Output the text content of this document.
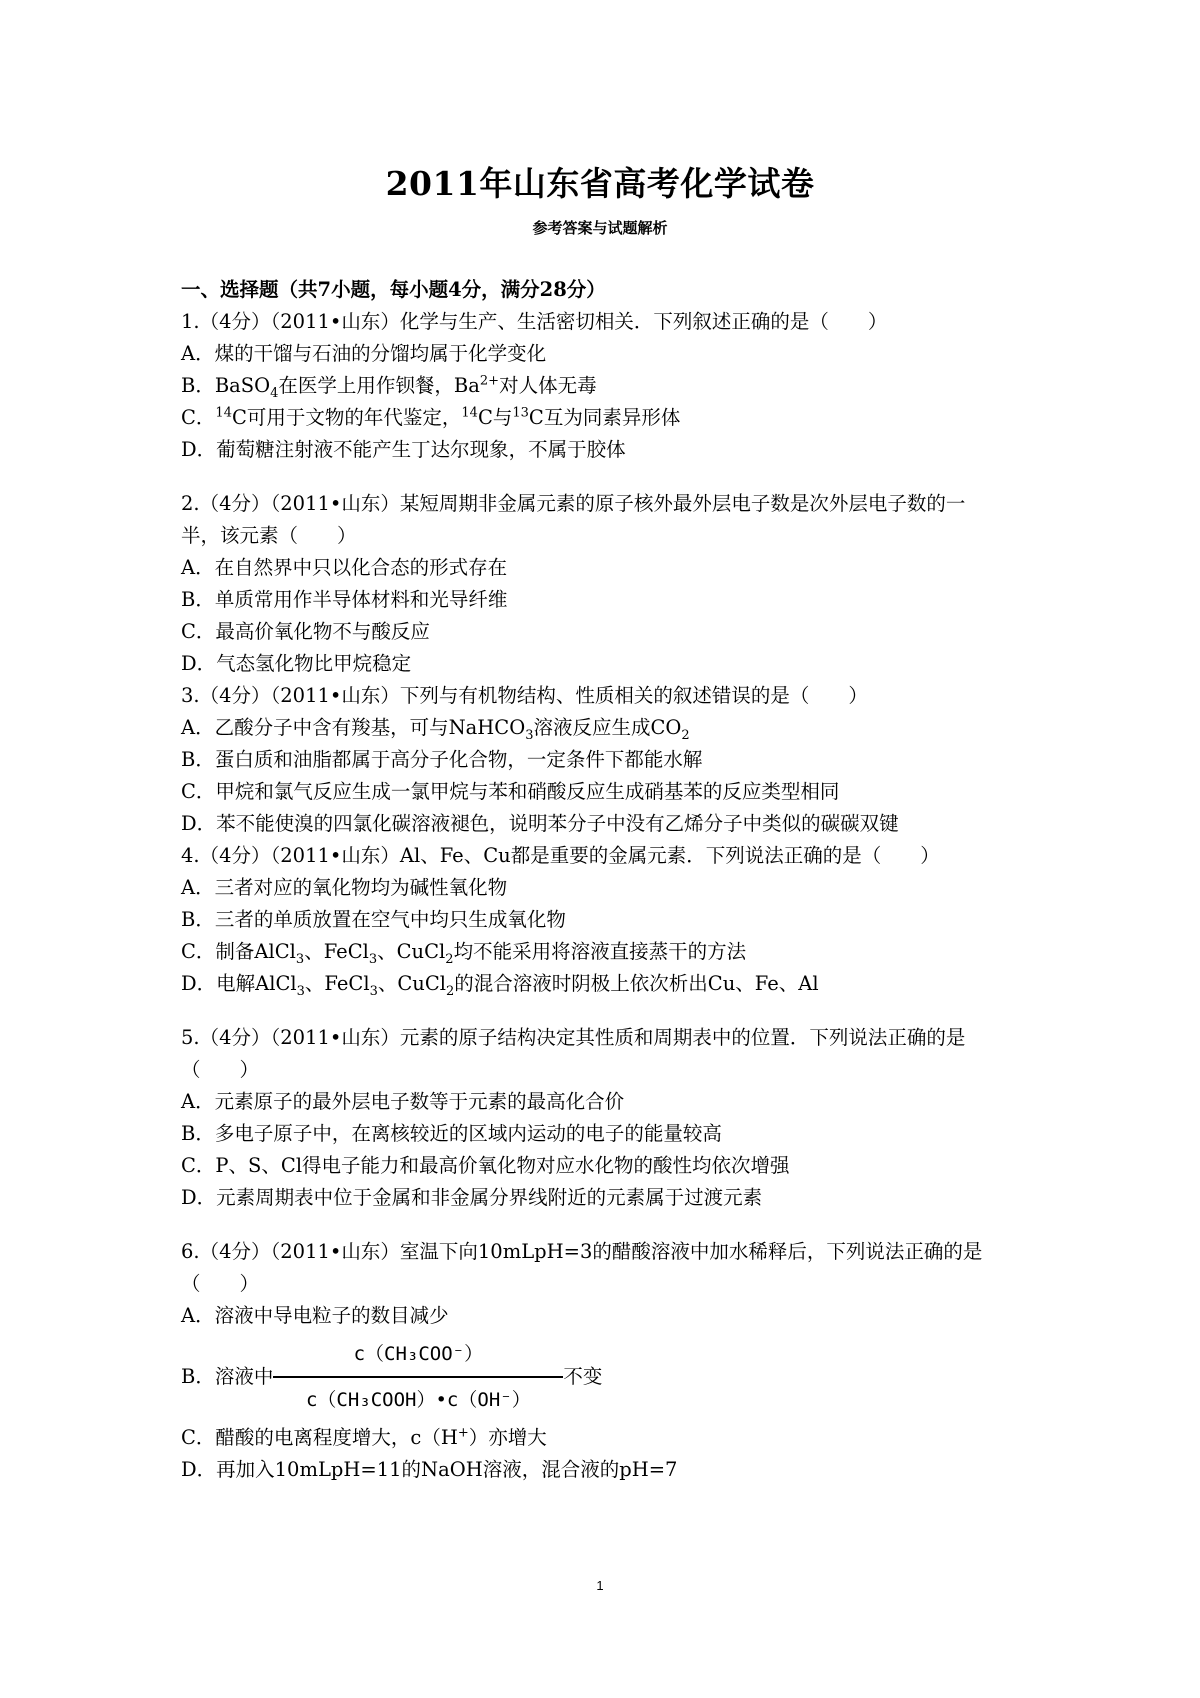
2011年山东省高考化学试卷
参考答案与试题解析
一、选择题（共7小题，每小题4分，满分28分）
1.（4分）（2011•山东）化学与生产、生活密切相关．下列叙述正确的是（　　）
A．煤的干馏与石油的分馏均属于化学变化
B．BaSO$_4$在医学上用作钡餐，$Ba^{2+}$对人体无毒
C．$^{14}$C可用于文物的年代鉴定，$^{14}$C与$^{13}$C互为同素异形体
D．葡萄糖注射液不能产生丁达尔现象，不属于胶体
2.（4分）（2011•山东）某短周期非金属元素的原子核外最外层电子数是次外层电子数的一
半，该元素（　　）
A．在自然界中只以化合态的形式存在
B．单质常用作半导体材料和光导纤维
C．最高价氧化物不与酸反应
D．气态氢化物比甲烷稳定
3.（4分）（2011•山东）下列与有机物结构、性质相关的叙述错误的是（　　）
A．乙酸分子中含有羧基，可与NaHCO$_3$溶液反应生成$CO_2$
B．蛋白质和油脂都属于高分子化合物，一定条件下都能水解
C．甲烷和氯气反应生成一氯甲烷与苯和硝酸反应生成硝基苯的反应类型相同
D．苯不能使溴的四氯化碳溶液褪色，说明苯分子中没有乙烯分子中类似的碳碳双键
4.（4分）（2011•山东）Al、Fe、Cu都是重要的金属元素．下列说法正确的是（　　）
A．三者对应的氧化物均为碱性氧化物
B．三者的单质放置在空气中均只生成氧化物
C．制备AlCl$_3$、FeCl$_3$、CuCl$_2$均不能采用将溶液直接蒸干的方法
D．电解AlCl$_3$、FeCl$_3$、CuCl$_2$的混合溶液时阴极上依次析出Cu、Fe、Al
5.（4分）（2011•山东）元素的原子结构决定其性质和周期表中的位置．下列说法正确的是
（　　）
A．元素原子的最外层电子数等于元素的最高化合价
B．多电子原子中，在离核较近的区域内运动的电子的能量较高
C．P、S、Cl得电子能力和最高价氧化物对应水化物的酸性均依次增强
D．元素周期表中位于金属和非金属分界线附近的元素属于过渡元素
6.（4分）（2011•山东）室温下向10mLpH=3的醋酸溶液中加水稀释后，下列说法正确的是
（　　）
A．溶液中导电粒子的数目减少
B．溶液中 $\frac{\text{c（CH₃COO⁻）}}{\text{c（CH₃COOH）•c（OH⁻）}}$ 不变
C．醋酸的电离程度增大，c（H+）亦增大
D．再加入10mLpH=11的NaOH溶液，混合液的pH=7
1
